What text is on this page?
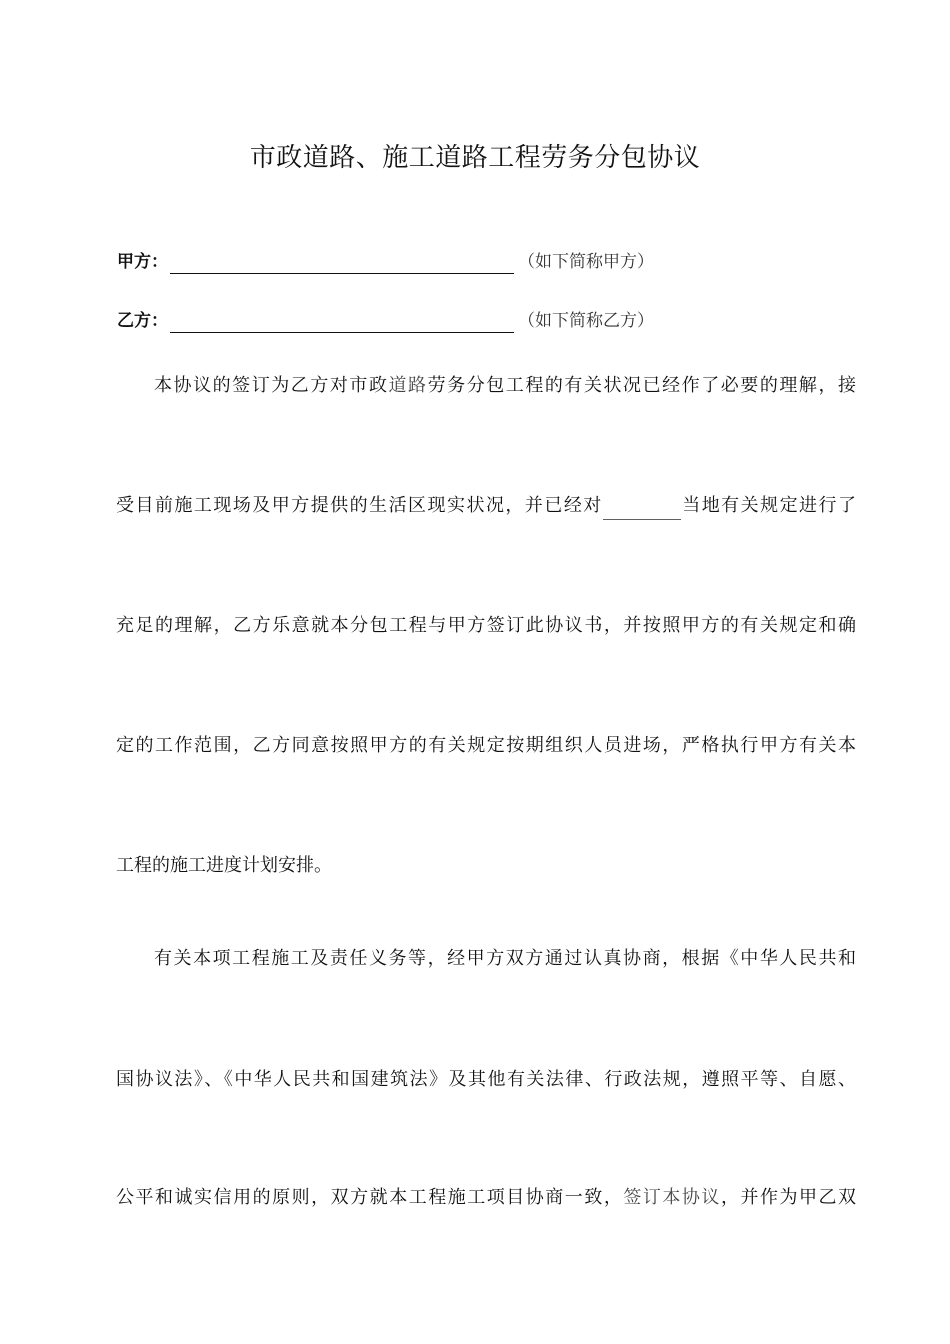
市政道路、施工道路工程劳务分包协议
甲方：	（如下简称甲方）
乙方：	（如下简称乙方）
本协议的签订为乙方对市政道路劳务分包工程的有关状况已经作了必要的理解，接
受目前施工现场及甲方提供的生活区现实状况，并已经对	当地有关规定进行了
充足的理解，乙方乐意就本分包工程与甲方签订此协议书，并按照甲方的有关规定和确
定的工作范围，乙方同意按照甲方的有关规定按期组织人员进场，严格执行甲方有关本
工程的施工进度计划安排。
有关本项工程施工及责任义务等，经甲方双方通过认真协商，根据《中华人民共和
国协议法》、《中华人民共和国建筑法》及其他有关法律、行政法规，遵照平等、自愿、
公平和诚实信用的原则，双方就本工程施工项目协商一致，签订本协议，并作为甲乙双
